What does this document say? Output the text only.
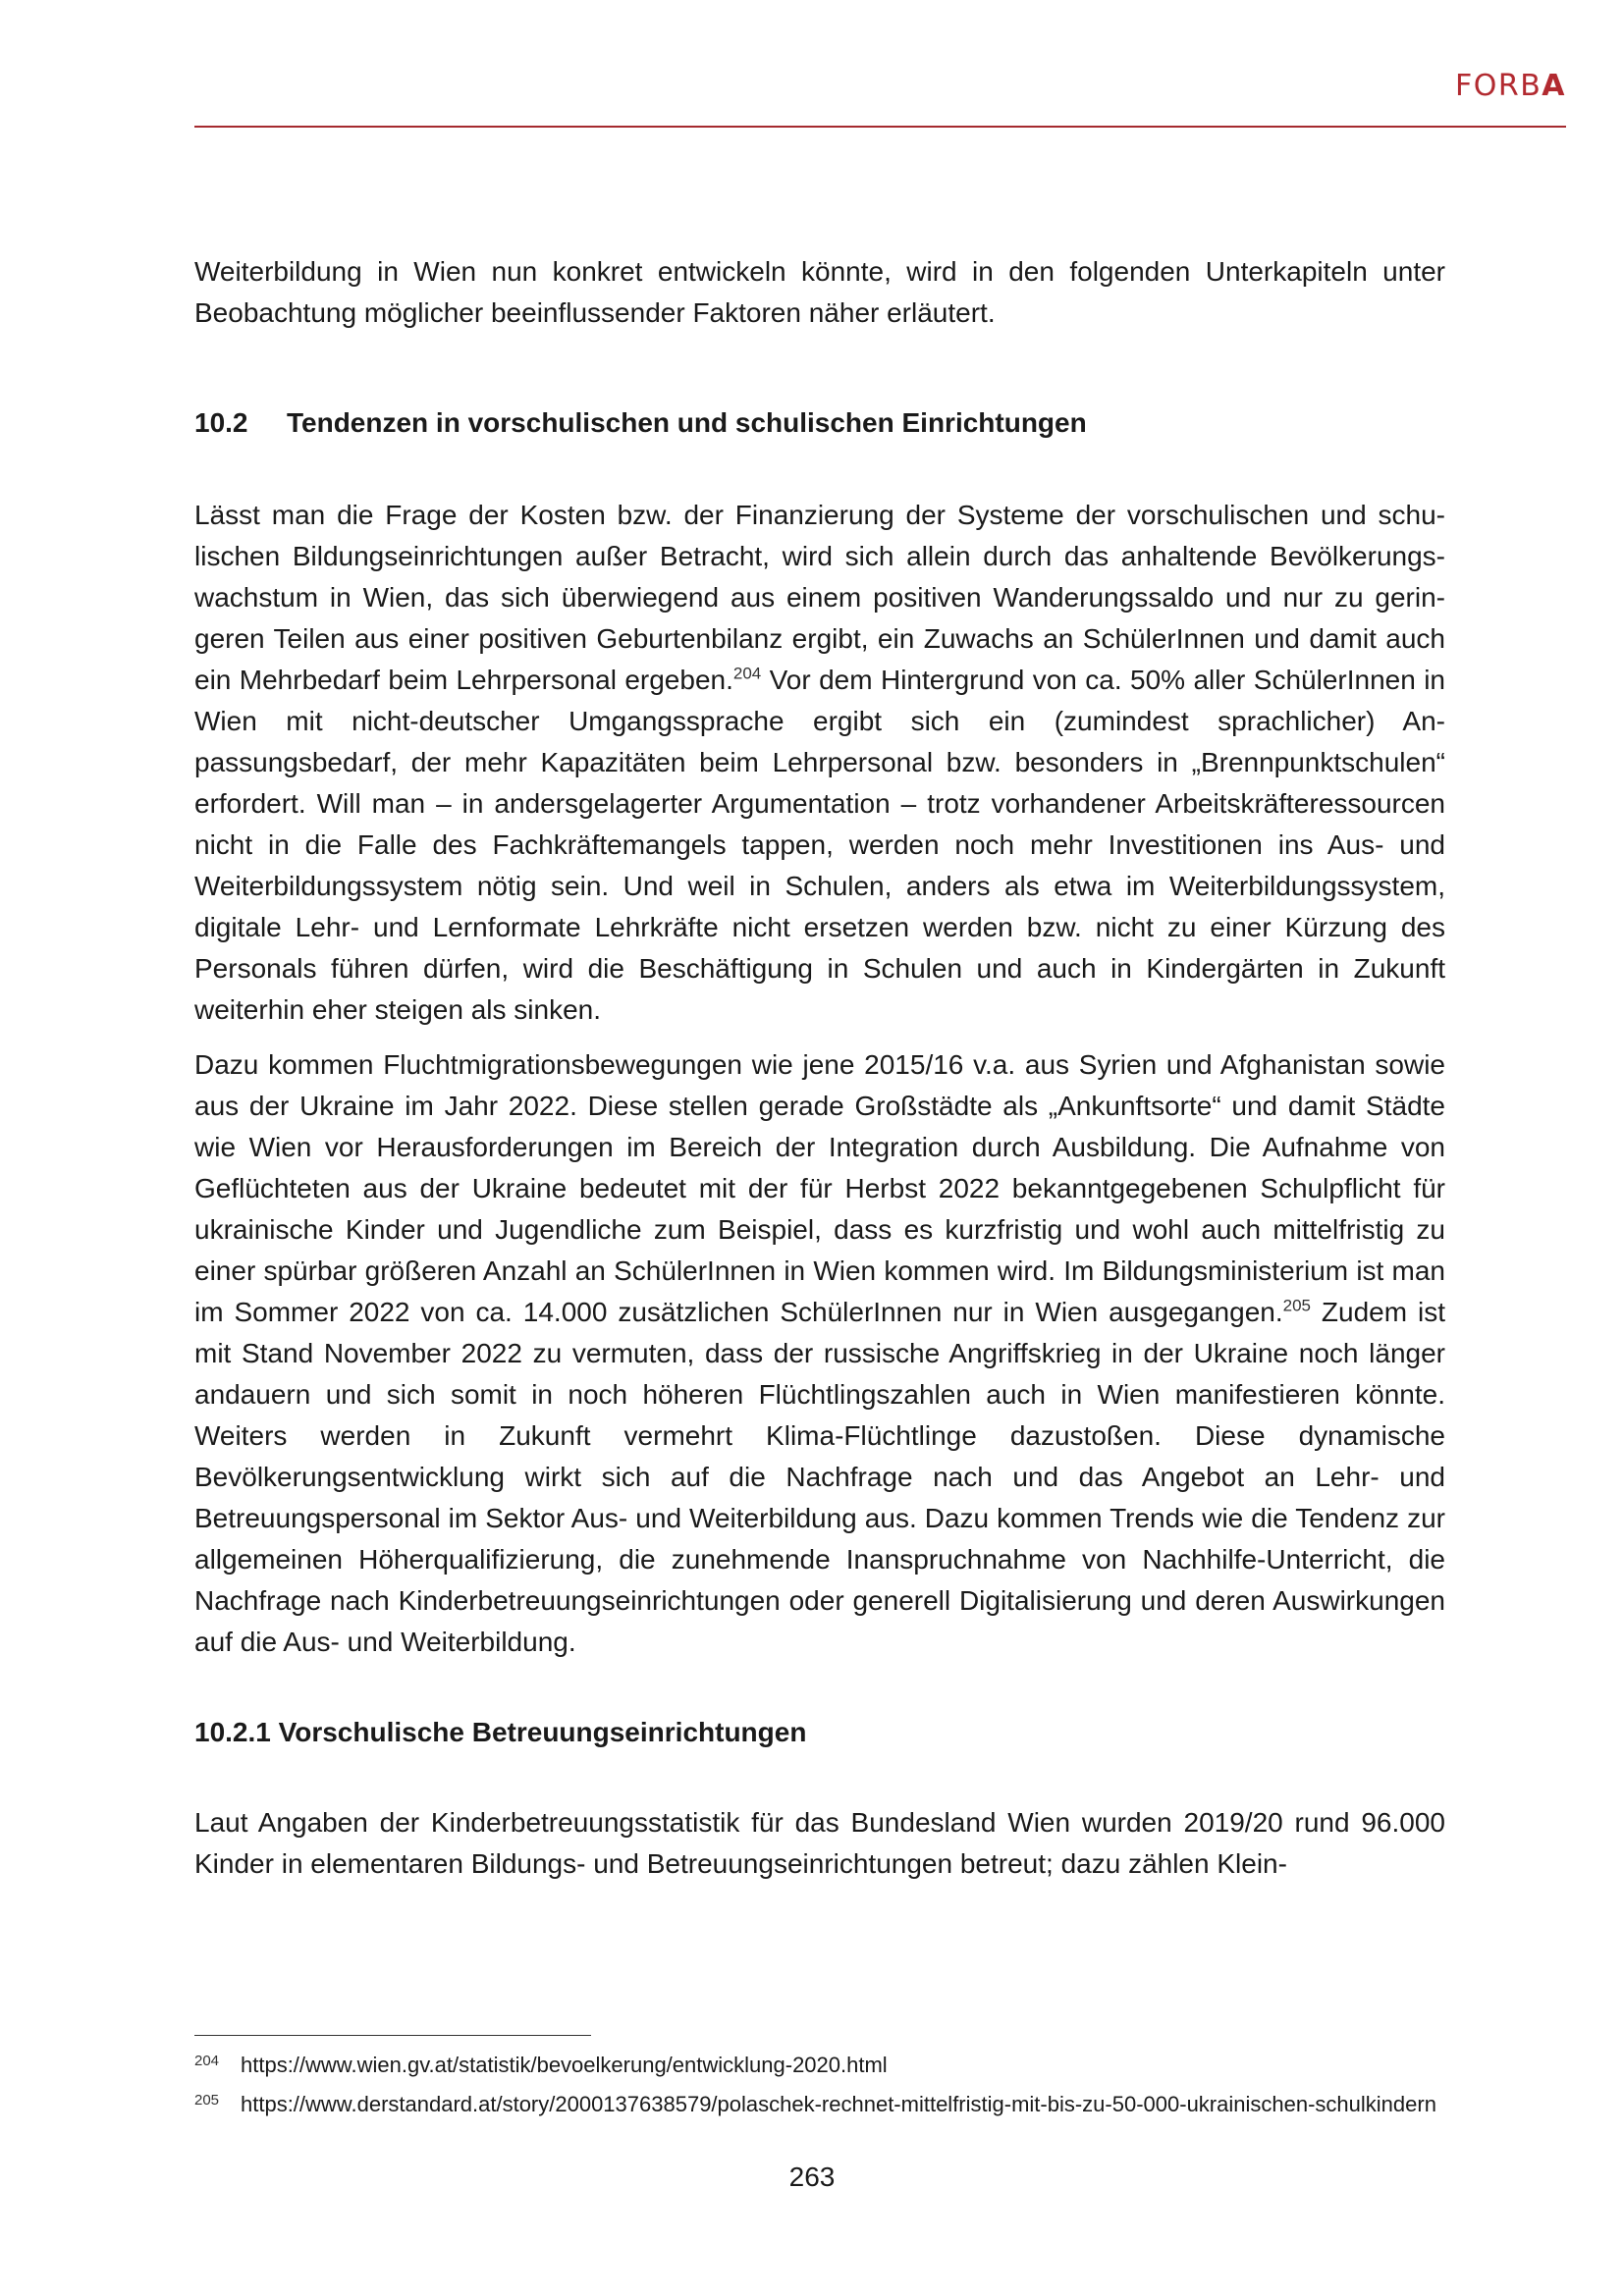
FORBA

Weiterbildung in Wien nun konkret entwickeln könnte, wird in den folgenden Unterkapiteln unter Beobachtung möglicher beeinflussender Faktoren näher erläutert.

10.2 Tendenzen in vorschulischen und schulischen Einrichtungen

Lässt man die Frage der Kosten bzw. der Finanzierung der Systeme der vorschulischen und schulischen Bildungseinrichtungen außer Betracht, wird sich allein durch das anhaltende Bevölkerungswachstum in Wien, das sich überwiegend aus einem positiven Wanderungssaldo und nur zu geringeren Teilen aus einer positiven Geburtenbilanz ergibt, ein Zuwachs an SchülerInnen und damit auch ein Mehrbedarf beim Lehrpersonal ergeben.$^{204}$ Vor dem Hintergrund von ca. 50% aller SchülerInnen in Wien mit nicht-deutscher Umgangssprache ergibt sich ein (zumindest sprachlicher) Anpassungsbedarf, der mehr Kapazitäten beim Lehrpersonal bzw. besonders in „Brennpunktschulen“ erfordert. Will man – in andersgelagerter Argumentation – trotz vorhandener Arbeitskräfteressourcen nicht in die Falle des Fachkräftemangels tappen, werden noch mehr Investitionen ins Aus- und Weiterbildungssystem nötig sein. Und weil in Schulen, anders als etwa im Weiterbildungssystem, digitale Lehr- und Lernformate Lehrkräfte nicht ersetzen werden bzw. nicht zu einer Kürzung des Personals führen dürfen, wird die Beschäftigung in Schulen und auch in Kindergärten in Zukunft weiterhin eher steigen als sinken.

Dazu kommen Fluchtmigrationsbewegungen wie jene 2015/16 v.a. aus Syrien und Afghanistan sowie aus der Ukraine im Jahr 2022. Diese stellen gerade Großstädte als „Ankunftsorte“ und damit Städte wie Wien vor Herausforderungen im Bereich der Integration durch Ausbildung. Die Aufnahme von Geflüchteten aus der Ukraine bedeutet mit der für Herbst 2022 bekanntgegebenen Schulpflicht für ukrainische Kinder und Jugendliche zum Beispiel, dass es kurzfristig und wohl auch mittelfristig zu einer spürbar größeren Anzahl an SchülerInnen in Wien kommen wird. Im Bildungsministerium ist man im Sommer 2022 von ca. 14.000 zusätzlichen SchülerInnen nur in Wien ausgegangen.$^{205}$ Zudem ist mit Stand November 2022 zu vermuten, dass der russische Angriffskrieg in der Ukraine noch länger andauern und sich somit in noch höheren Flüchtlingszahlen auch in Wien manifestieren könnte. Weiters werden in Zukunft vermehrt Klima-Flüchtlinge dazustoßen. Diese dynamische Bevölkerungsentwicklung wirkt sich auf die Nachfrage nach und das Angebot an Lehr- und Betreuungspersonal im Sektor Aus- und Weiterbildung aus. Dazu kommen Trends wie die Tendenz zur allgemeinen Höherqualifizierung, die zunehmende Inanspruchnahme von Nachhilfe-Unterricht, die Nachfrage nach Kinderbetreuungseinrichtungen oder generell Digitalisierung und deren Auswirkungen auf die Aus- und Weiterbildung.

10.2.1 Vorschulische Betreuungseinrichtungen

Laut Angaben der Kinderbetreuungsstatistik für das Bundesland Wien wurden 2019/20 rund 96.000 Kinder in elementaren Bildungs- und Betreuungseinrichtungen betreut; dazu zählen Klein-

204 https://www.wien.gv.at/statistik/bevoelkerung/entwicklung-2020.html
205 https://www.derstandard.at/story/2000137638579/polaschek-rechnet-mittelfristig-mit-bis-zu-50-000-ukrainischen-schulkindern
263
